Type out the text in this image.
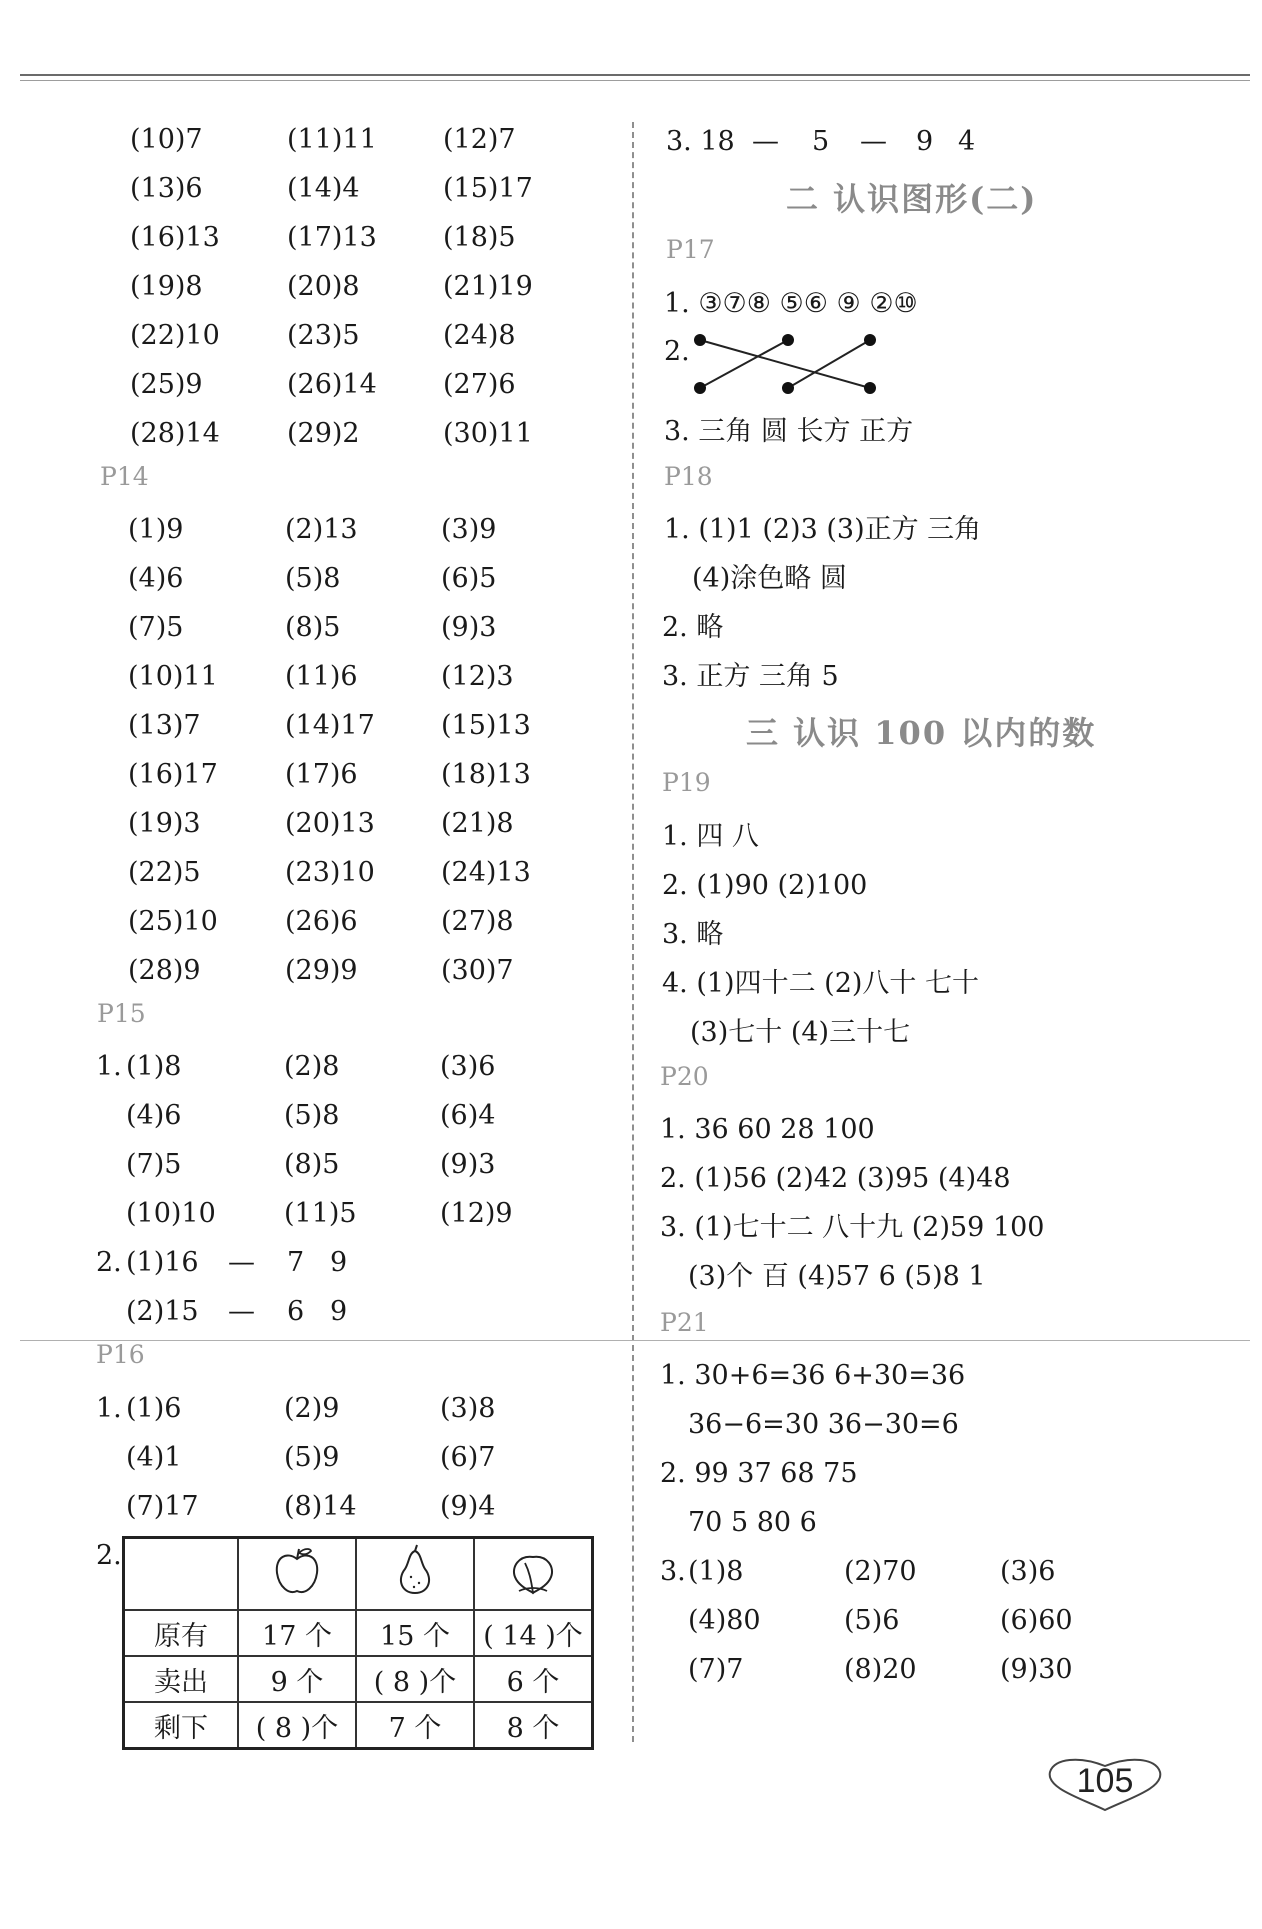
(10)7	(11)11 (12)7
(13)6	(14)4	(15)17
(16)13 (17)13 (18)5
(19)8	(20)8	(21)19
(22)10 (23)5	(24)8
(25)9	(26)14 (27)6
(28)14 (29)2	(30)11
P14
(1)9	(2)13	(3)9
(4)6	(5)8	(6)5
(7)5	(8)5	(9)3
(10)11 (11)6	(12)3
(13)7	(14)17 (15)13
(16)17 (17)6	(18)13
(19)3	(20)13 (21)8
(22)5	(23)10 (24)13
(25)10 (26)6	(27)8
(28)9	(29)9	(30)7
P15
1. (1)8	(2)8	(3)6
(4)6	(5)8	(6)4
(7)5	(8)5	(9)3
(10)10	(11)5	(12)9
2. (1)16 — 7 9
(2)15 — 6 9
P16
1. (1)6	(2)9	(3)8
(4)1	(5)9	(6)7
(7)17	(8)14	(9)4
2.

原有	17 个	15 个	( 14 )个
卖出	9 个	( 8 )个	6 个
剩下	( 8 )个	7 个	8 个
3. 18 — 5 — 9 4
二 认识图形(二)
P17
1. ③⑦⑧ ⑤⑥ ⑨ ②⑩
2.
3. 三角 圆 长方 正方
P18
1. (1)1 (2)3 (3)正方 三角
(4)涂色略 圆
2. 略
3. 正方 三角 5
三 认识 100 以内的数
P19
1. 四 八
2. (1)90 (2)100
3. 略
4. (1)四十二 (2)八十 七十
(3)七十 (4)三十七
P20
1. 36 60 28 100
2. (1)56 (2)42 (3)95 (4)48
3. (1)七十二 八十九 (2)59 100
(3)个 百 (4)57 6 (5)8 1
P21
1. 30+6=36 6+30=36
36−6=30 36−30=6
2. 99 37 68 75
70 5 80 6
3. (1)8	(2)70	(3)6
(4)80	(5)6	(6)60
(7)7	(8)20	(9)30
105
